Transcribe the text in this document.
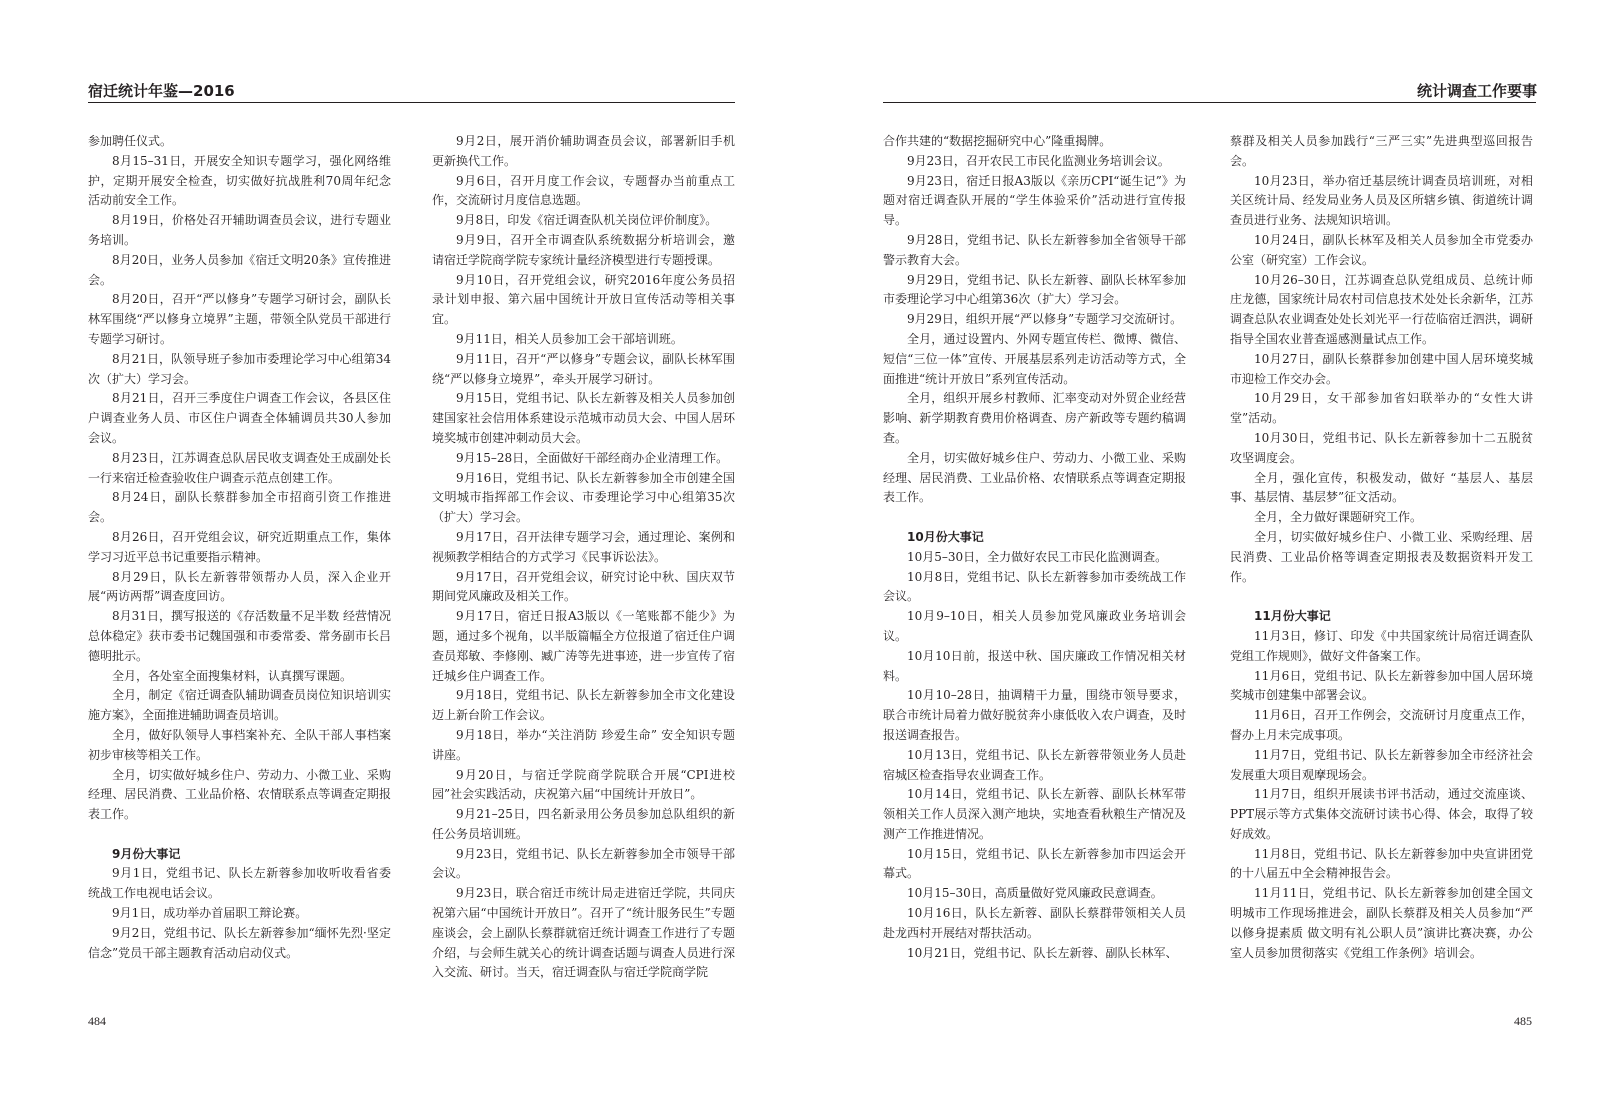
宿迁统计年鉴—2016

参加聘任仪式。

8月15–31日，开展安全知识专题学习，强化网络维护，定期开展安全检查，切实做好抗战胜利70周年纪念活动前安全工作。

8月19日，价格处召开辅助调查员会议，进行专题业务培训。

8月20日，业务人员参加《宿迁文明20条》宣传推进会。

8月20日，召开“严以修身”专题学习研讨会，副队长林军围绕“严以修身立境界”主题，带领全队党员干部进行专题学习研讨。

8月21日，队领导班子参加市委理论学习中心组第34次（扩大）学习会。

8月21日，召开三季度住户调查工作会议，各县区住户调查业务人员、市区住户调查全体辅调员共30人参加会议。

8月23日，江苏调查总队居民收支调查处王成副处长一行来宿迁检查验收住户调查示范点创建工作。

8月24日，副队长蔡群参加全市招商引资工作推进会。

8月26日，召开党组会议，研究近期重点工作，集体学习习近平总书记重要指示精神。

8月29日，队长左新蓉带领帮办人员，深入企业开展“两访两帮”调查度回访。

8月31日，撰写报送的《存活数量不足半数 经营情况总体稳定》获市委书记魏国强和市委常委、常务副市长吕德明批示。

全月，各处室全面搜集材料，认真撰写课题。

全月，制定《宿迁调查队辅助调查员岗位知识培训实施方案》，全面推进辅助调查员培训。

全月，做好队领导人事档案补充、全队干部人事档案初步审核等相关工作。

全月，切实做好城乡住户、劳动力、小微工业、采购经理、居民消费、工业品价格、农情联系点等调查定期报表工作。

9月份大事记

9月1日，党组书记、队长左新蓉参加收听收看省委统战工作电视电话会议。

9月1日，成功举办首届职工辩论赛。

9月2日，党组书记、队长左新蓉参加“缅怀先烈·坚定信念”党员干部主题教育活动启动仪式。

9月2日，展开消价辅助调查员会议，部署新旧手机更新换代工作。

9月6日，召开月度工作会议，专题督办当前重点工作，交流研讨月度信息选题。

9月8日，印发《宿迁调查队机关岗位评价制度》。

9月9日，召开全市调查队系统数据分析培训会，邀请宿迁学院商学院专家统计量经济模型进行专题授课。

9月10日，召开党组会议，研究2016年度公务员招录计划申报、第六届中国统计开放日宣传活动等相关事宜。

9月11日，相关人员参加工会干部培训班。

9月11日，召开“严以修身”专题会议，副队长林军围绕“严以修身立境界”，牵头开展学习研讨。

9月15日，党组书记、队长左新蓉及相关人员参加创建国家社会信用体系建设示范城市动员大会、中国人居环境奖城市创建冲刺动员大会。

9月15–28日，全面做好干部经商办企业清理工作。

9月16日，党组书记、队长左新蓉参加全市创建全国文明城市指挥部工作会议、市委理论学习中心组第35次（扩大）学习会。

9月17日，召开法律专题学习会，通过理论、案例和视频教学相结合的方式学习《民事诉讼法》。

9月17日，召开党组会议，研究讨论中秋、国庆双节期间党风廉政及相关工作。

9月17日，宿迁日报A3版以《一笔账都不能少》为题，通过多个视角，以半版篇幅全方位报道了宿迁住户调查员郑敏、李修刚、臧广涛等先进事迹，进一步宣传了宿迁城乡住户调查工作。

9月18日，党组书记、队长左新蓉参加全市文化建设迈上新台阶工作会议。

9月18日，举办“关注消防 珍爱生命” 安全知识专题讲座。

9月20日，与宿迁学院商学院联合开展“CPI进校园”社会实践活动，庆祝第六届“中国统计开放日”。

9月21–25日，四名新录用公务员参加总队组织的新任公务员培训班。

9月23日，党组书记、队长左新蓉参加全市领导干部会议。

9月23日，联合宿迁市统计局走进宿迁学院，共同庆祝第六届“中国统计开放日”。召开了“统计服务民生”专题座谈会，会上副队长蔡群就宿迁统计调查工作进行了专题介绍，与会师生就关心的统计调查话题与调查人员进行深入交流、研讨。当天，宿迁调查队与宿迁学院商学院

484
统计调查工作要事

合作共建的“数据挖掘研究中心”隆重揭牌。

9月23日，召开农民工市民化监测业务培训会议。

9月23日，宿迁日报A3版以《亲历CPI“诞生记”》为题对宿迁调查队开展的“学生体验采价”活动进行宣传报导。

9月28日，党组书记、队长左新蓉参加全省领导干部警示教育大会。

9月29日，党组书记、队长左新蓉、副队长林军参加市委理论学习中心组第36次（扩大）学习会。

9月29日，组织开展“严以修身”专题学习交流研讨。

全月，通过设置内、外网专题宣传栏、微博、微信、短信“三位一体”宣传、开展基层系列走访活动等方式，全面推进“统计开放日”系列宣传活动。

全月，组织开展乡村教师、汇率变动对外贸企业经营影响、新学期教育费用价格调查、房产新政等专题约稿调查。

全月，切实做好城乡住户、劳动力、小微工业、采购经理、居民消费、工业品价格、农情联系点等调查定期报表工作。

10月份大事记

10月5–30日，全力做好农民工市民化监测调查。

10月8日，党组书记、队长左新蓉参加市委统战工作会议。

10月9–10日，相关人员参加党风廉政业务培训会议。

10月10日前，报送中秋、国庆廉政工作情况相关材料。

10月10–28日，抽调精干力量，围绕市领导要求，联合市统计局着力做好脱贫奔小康低收入农户调查，及时报送调查报告。

10月13日，党组书记、队长左新蓉带领业务人员赴宿城区检查指导农业调查工作。

10月14日，党组书记、队长左新蓉、副队长林军带领相关工作人员深入测产地块，实地查看秋粮生产情况及测产工作推进情况。

10月15日，党组书记、队长左新蓉参加市四运会开幕式。

10月15–30日，高质量做好党风廉政民意调查。

10月16日，队长左新蓉、副队长蔡群带领相关人员赴龙西村开展结对帮扶活动。

10月21日，党组书记、队长左新蓉、副队长林军、

蔡群及相关人员参加践行“三严三实”先进典型巡回报告会。

10月23日，举办宿迁基层统计调查员培训班，对相关区统计局、经发局业务人员及区所辖乡镇、街道统计调查员进行业务、法规知识培训。

10月24日，副队长林军及相关人员参加全市党委办公室（研究室）工作会议。

10月26–30日，江苏调查总队党组成员、总统计师庄龙德，国家统计局农村司信息技术处处长余新华，江苏调查总队农业调查处处长刘光平一行莅临宿迁泗洪，调研指导全国农业普查遥感测量试点工作。

10月27日，副队长蔡群参加创建中国人居环境奖城市迎检工作交办会。

10月29日，女干部参加省妇联举办的“女性大讲堂”活动。

10月30日，党组书记、队长左新蓉参加十二五脱贫攻坚调度会。

全月，强化宣传，积极发动，做好 “基层人、基层事、基层情、基层梦”征文活动。

全月，全力做好课题研究工作。

全月，切实做好城乡住户、小微工业、采购经理、居民消费、工业品价格等调查定期报表及数据资料开发工作。

11月份大事记

11月3日，修订、印发《中共国家统计局宿迁调查队党组工作规则》，做好文件备案工作。

11月6日，党组书记、队长左新蓉参加中国人居环境奖城市创建集中部署会议。

11月6日，召开工作例会，交流研讨月度重点工作，督办上月未完成事项。

11月7日，党组书记、队长左新蓉参加全市经济社会发展重大项目观摩现场会。

11月7日，组织开展读书评书活动，通过交流座谈、PPT展示等方式集体交流研讨读书心得、体会，取得了较好成效。

11月8日，党组书记、队长左新蓉参加中央宣讲团党的十八届五中全会精神报告会。

11月11日，党组书记、队长左新蓉参加创建全国文明城市工作现场推进会，副队长蔡群及相关人员参加“严以修身提素质 做文明有礼公职人员”演讲比赛决赛，办公室人员参加贯彻落实《党组工作条例》培训会。

485
